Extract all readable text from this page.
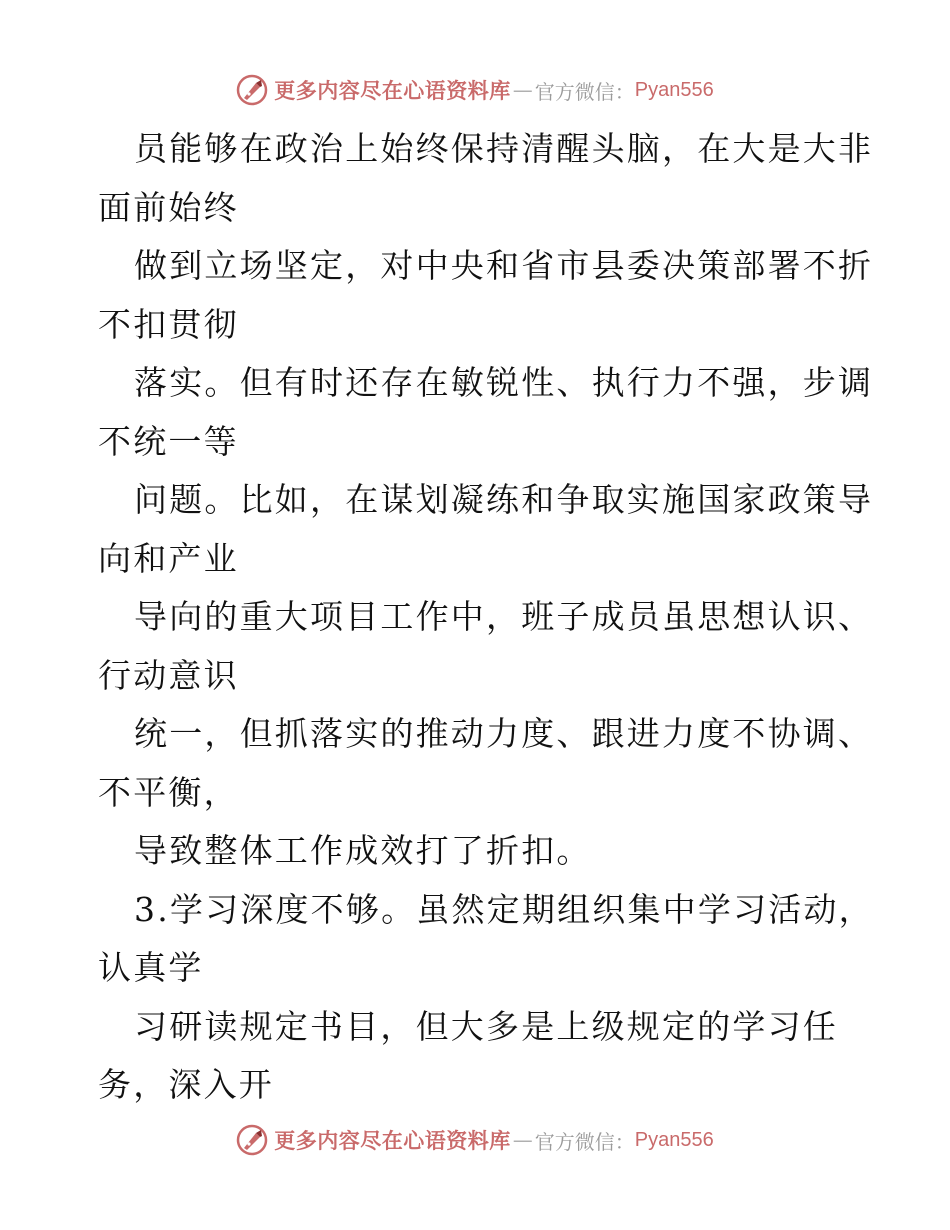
更多内容尽在心语资料库 — 官方微信： Pyan556
员能够在政治上始终保持清醒头脑，在大是大非
面前始终
做到立场坚定，对中央和省市县委决策部署不折
不扣贯彻
落实。但有时还存在敏锐性、执行力不强，步调
不统一等
问题。比如，在谋划凝练和争取实施国家政策导
向和产业
导向的重大项目工作中，班子成员虽思想认识、
行动意识
统一，但抓落实的推动力度、跟进力度不协调、
不平衡，
导致整体工作成效打了折扣。
3.学习深度不够。虽然定期组织集中学习活动，
认真学
习研读规定书目，但大多是上级规定的学习任
务，深入开
更多内容尽在心语资料库 — 官方微信： Pyan556
